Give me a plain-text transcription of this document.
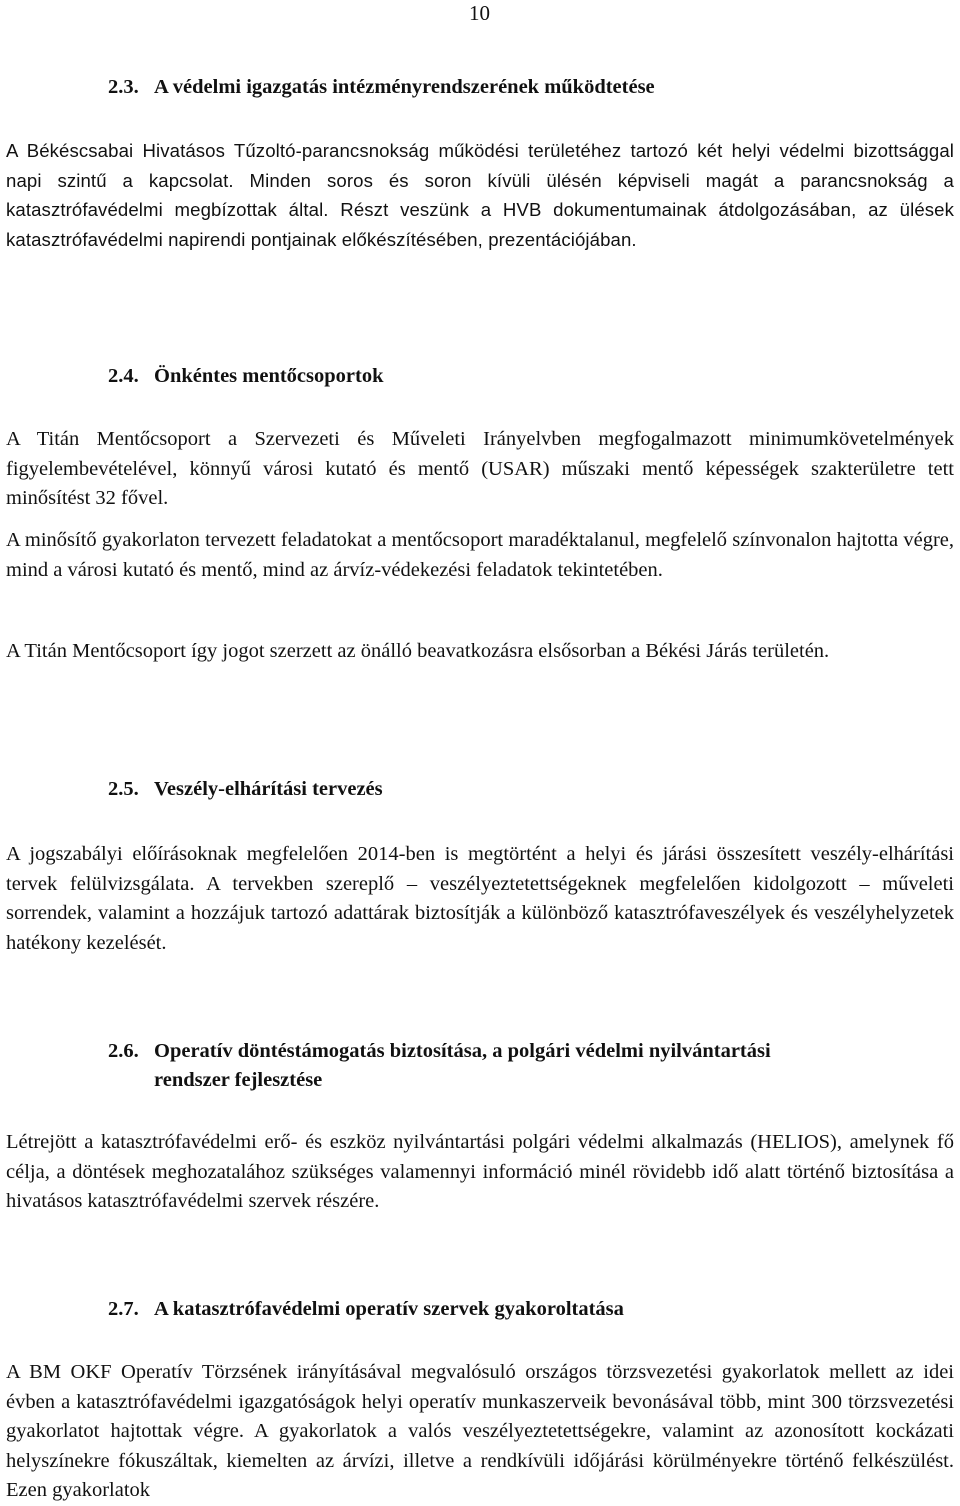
10
2.3. A védelmi igazgatás intézményrendszerének működtetése

A Békéscsabai Hivatásos Tűzoltó-parancsnokság működési területéhez tartozó két helyi védelmi bizottsággal napi szintű a kapcsolat. Minden soros és soron kívüli ülésén képviseli magát a parancsnokság a katasztrófavédelmi megbízottak által. Részt veszünk a HVB dokumentumainak átdolgozásában, az ülések katasztrófavédelmi napirendi pontjainak előkészítésében, prezentációjában.

2.4. Önkéntes mentőcsoportok

A Titán Mentőcsoport a Szervezeti és Műveleti Irányelvben megfogalmazott minimumkövetelmények figyelembevételével, könnyű városi kutató és mentő (USAR) műszaki mentő képességek szakterületre tett minősítést 32 fővel.

A minősítő gyakorlaton tervezett feladatokat a mentőcsoport maradéktalanul, megfelelő színvonalon hajtotta végre, mind a városi kutató és mentő, mind az árvíz-védekezési feladatok tekintetében.

A Titán Mentőcsoport így jogot szerzett az önálló beavatkozásra elsősorban a Békési Járás területén.

2.5. Veszély-elhárítási tervezés

A jogszabályi előírásoknak megfelelően 2014-ben is megtörtént a helyi és járási összesített veszély-elhárítási tervek felülvizsgálata. A tervekben szereplő – veszélyeztetettségeknek megfelelően kidolgozott – műveleti sorrendek, valamint a hozzájuk tartozó adattárak biztosítják a különböző katasztrófaveszélyek és veszélyhelyzetek hatékony kezelését.

2.6. Operatív döntéstámogatás biztosítása, a polgári védelmi nyilvántartási
rendszer fejlesztése

Létrejött a katasztrófavédelmi erő- és eszköz nyilvántartási polgári védelmi alkalmazás (HELIOS), amelynek fő célja, a döntések meghozatalához szükséges valamennyi információ minél rövidebb idő alatt történő biztosítása a hivatásos katasztrófavédelmi szervek részére.

2.7. A katasztrófavédelmi operatív szervek gyakoroltatása

A BM OKF Operatív Törzsének irányításával megvalósuló országos törzsvezetési gyakorlatok mellett az idei évben a katasztrófavédelmi igazgatóságok helyi operatív munkaszerveik bevonásával több, mint 300 törzsvezetési gyakorlatot hajtottak végre. A gyakorlatok a valós veszélyeztetettségekre, valamint az azonosított kockázati helyszínekre fókuszáltak, kiemelten az árvízi, illetve a rendkívüli időjárási körülményekre történő felkészülést. Ezen gyakorlatok
